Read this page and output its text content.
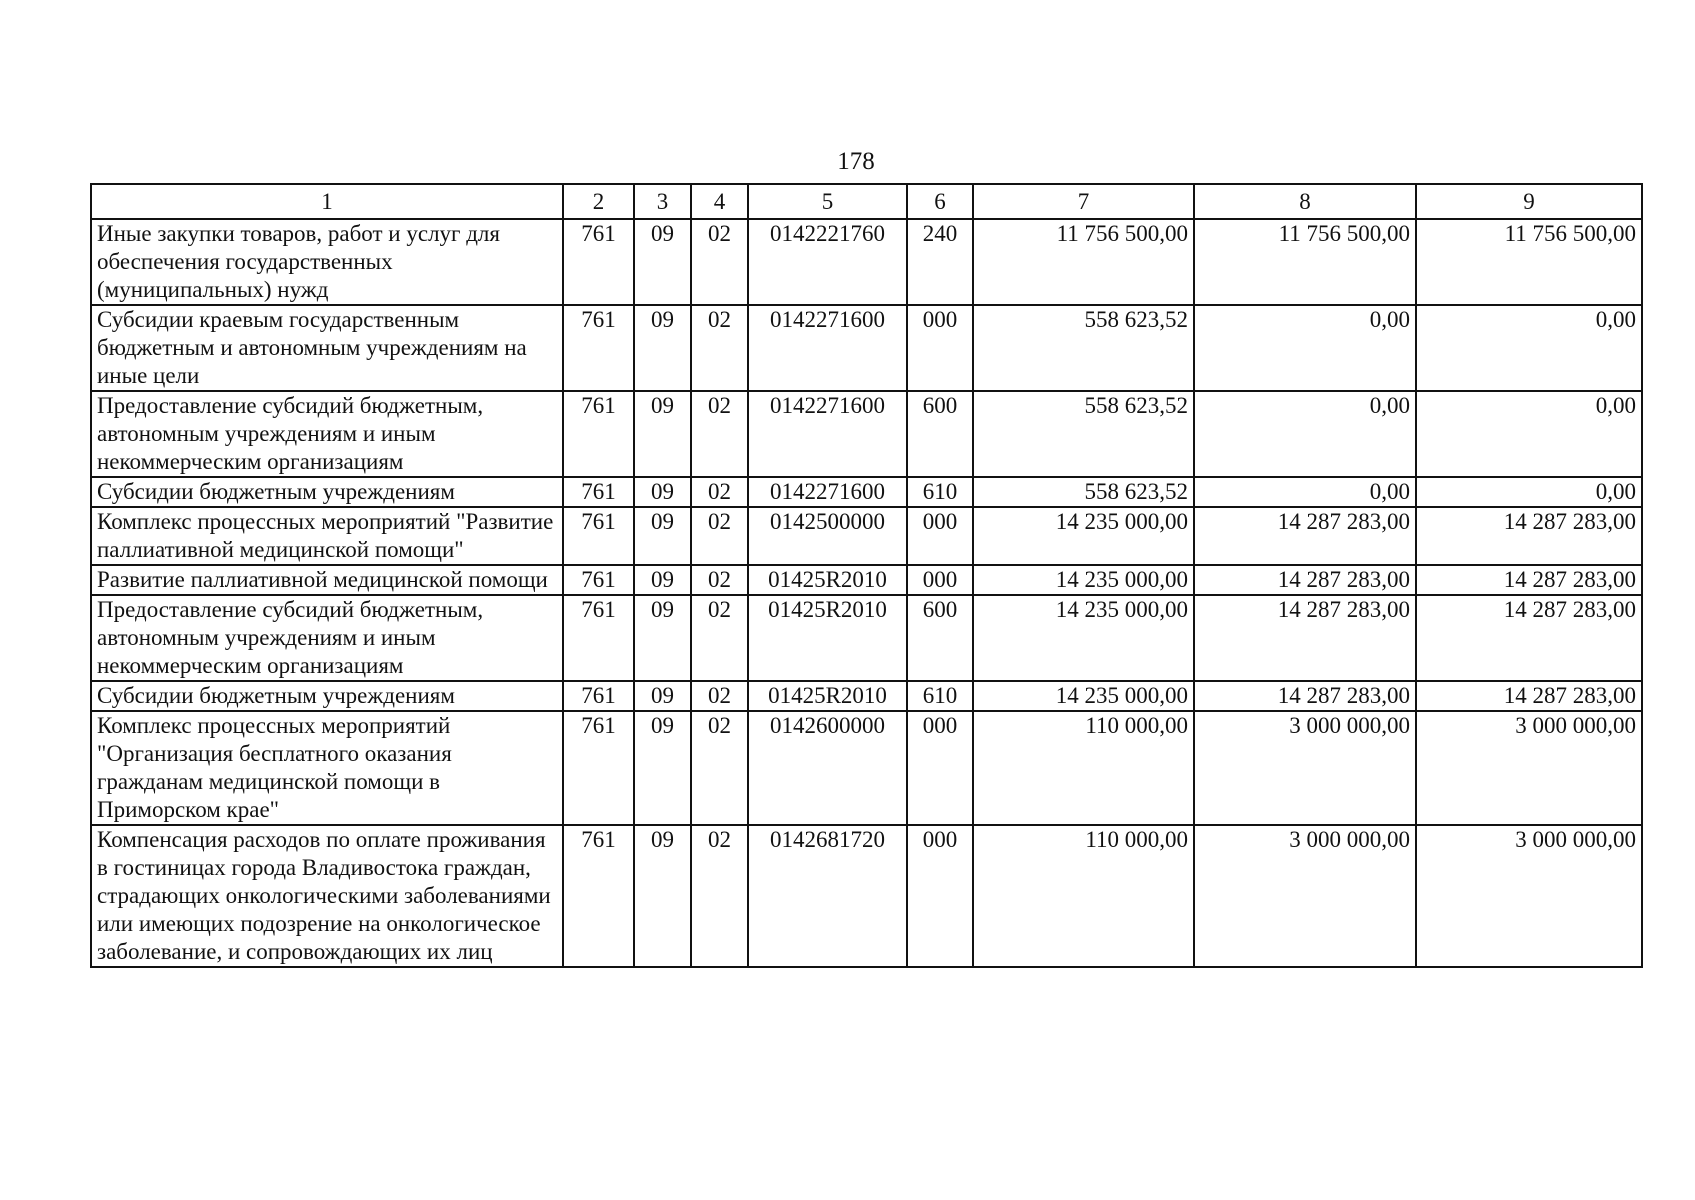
178
1	2	3	4	5	6	7	8	9
Иные закупки товаров, работ и услуг для обеспечения государственных (муниципальных) нужд	761	09	02	0142221760	240	11 756 500,00	11 756 500,00	11 756 500,00
Субсидии краевым государственным бюджетным и автономным учреждениям на иные цели	761	09	02	0142271600	000	558 623,52	0,00	0,00
Предоставление субсидий бюджетным, автономным учреждениям и иным некоммерческим организациям	761	09	02	0142271600	600	558 623,52	0,00	0,00
Субсидии бюджетным учреждениям	761	09	02	0142271600	610	558 623,52	0,00	0,00
Комплекс процессных мероприятий "Развитие паллиативной медицинской помощи"	761	09	02	0142500000	000	14 235 000,00	14 287 283,00	14 287 283,00
Развитие паллиативной медицинской помощи	761	09	02	01425R2010	000	14 235 000,00	14 287 283,00	14 287 283,00
Предоставление субсидий бюджетным, автономным учреждениям и иным некоммерческим организациям	761	09	02	01425R2010	600	14 235 000,00	14 287 283,00	14 287 283,00
Субсидии бюджетным учреждениям	761	09	02	01425R2010	610	14 235 000,00	14 287 283,00	14 287 283,00
Комплекс процессных мероприятий "Организация бесплатного оказания гражданам медицинской помощи в Приморском крае"	761	09	02	0142600000	000	110 000,00	3 000 000,00	3 000 000,00
Компенсация расходов по оплате проживания в гостиницах города Владивостока граждан, страдающих онкологическими заболеваниями или имеющих подозрение на онкологическое заболевание, и сопровождающих их лиц	761	09	02	0142681720	000	110 000,00	3 000 000,00	3 000 000,00
